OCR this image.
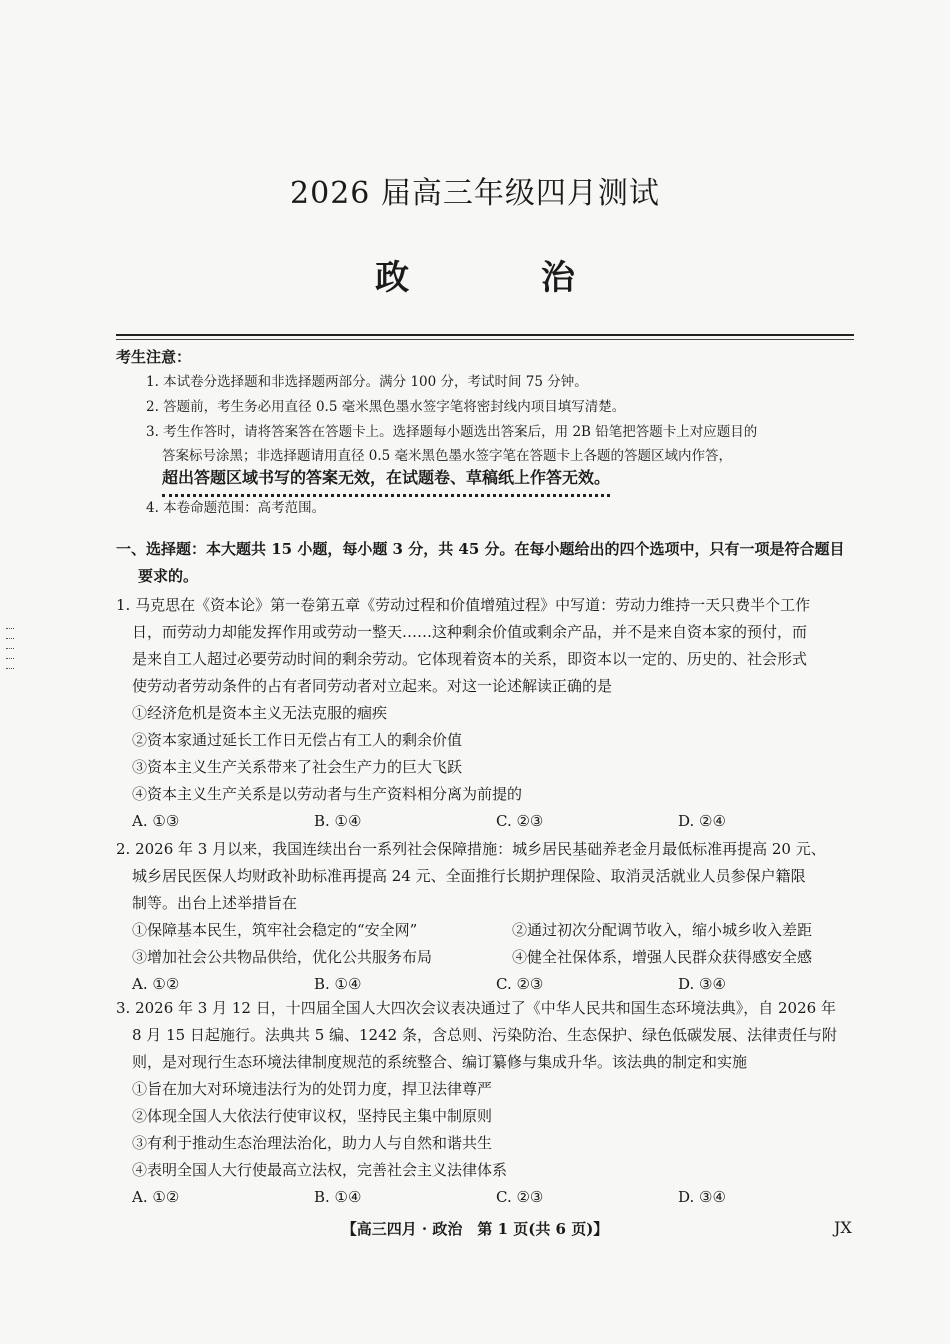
2026 届高三年级四月测试
政 治
考生注意：
1. 本试卷分选择题和非选择题两部分。满分 100 分，考试时间 75 分钟。
2. 答题前，考生务必用直径 0.5 毫米黑色墨水签字笔将密封线内项目填写清楚。
3. 考生作答时，请将答案答在答题卡上。选择题每小题选出答案后，用 2B 铅笔把答题卡上对应题目的
答案标号涂黑；非选择题请用直径 0.5 毫米黑色墨水签字笔在答题卡上各题的答题区域内作答，
超出答题区域书写的答案无效，在试题卷、草稿纸上作答无效。
4. 本卷命题范围：高考范围。
一、选择题：本大题共 15 小题，每小题 3 分，共 45 分。在每小题给出的四个选项中，只有一项是符合题目
要求的。

1. 马克思在《资本论》第一卷第五章《劳动过程和价值增殖过程》中写道：劳动力维持一天只费半个工作

日，而劳动力却能发挥作用或劳动一整天……这种剩余价值或剩余产品，并不是来自资本家的预付，而

是来自工人超过必要劳动时间的剩余劳动。它体现着资本的关系，即资本以一定的、历史的、社会形式

使劳动者劳动条件的占有者同劳动者对立起来。对这一论述解读正确的是

①经济危机是资本主义无法克服的痼疾

②资本家通过延长工作日无偿占有工人的剩余价值

③资本主义生产关系带来了社会生产力的巨大飞跃

④资本主义生产关系是以劳动者与生产资料相分离为前提的

A. ①③	B. ①④	C. ②③	D. ②④

2. 2026 年 3 月以来，我国连续出台一系列社会保障措施：城乡居民基础养老金月最低标准再提高 20 元、

城乡居民医保人均财政补助标准再提高 24 元、全面推行长期护理保险、取消灵活就业人员参保户籍限

制等。出台上述举措旨在

①保障基本民生，筑牢社会稳定的“安全网”	②通过初次分配调节收入，缩小城乡收入差距
③增加社会公共物品供给，优化公共服务布局	④健全社保体系，增强人民群众获得感安全感
A. ①②	B. ①④	C. ②③	D. ③④

3. 2026 年 3 月 12 日，十四届全国人大四次会议表决通过了《中华人民共和国生态环境法典》，自 2026 年

8 月 15 日起施行。法典共 5 编、1242 条，含总则、污染防治、生态保护、绿色低碳发展、法律责任与附

则，是对现行生态环境法律制度规范的系统整合、编订纂修与集成升华。该法典的制定和实施

①旨在加大对环境违法行为的处罚力度，捍卫法律尊严

②体现全国人大依法行使审议权，坚持民主集中制原则

③有利于推动生态治理法治化，助力人与自然和谐共生

④表明全国人大行使最高立法权，完善社会主义法律体系

A. ①②	B. ①④	C. ②③	D. ③④
【高三四月 · 政治　第 1 页(共 6 页)】	JX
